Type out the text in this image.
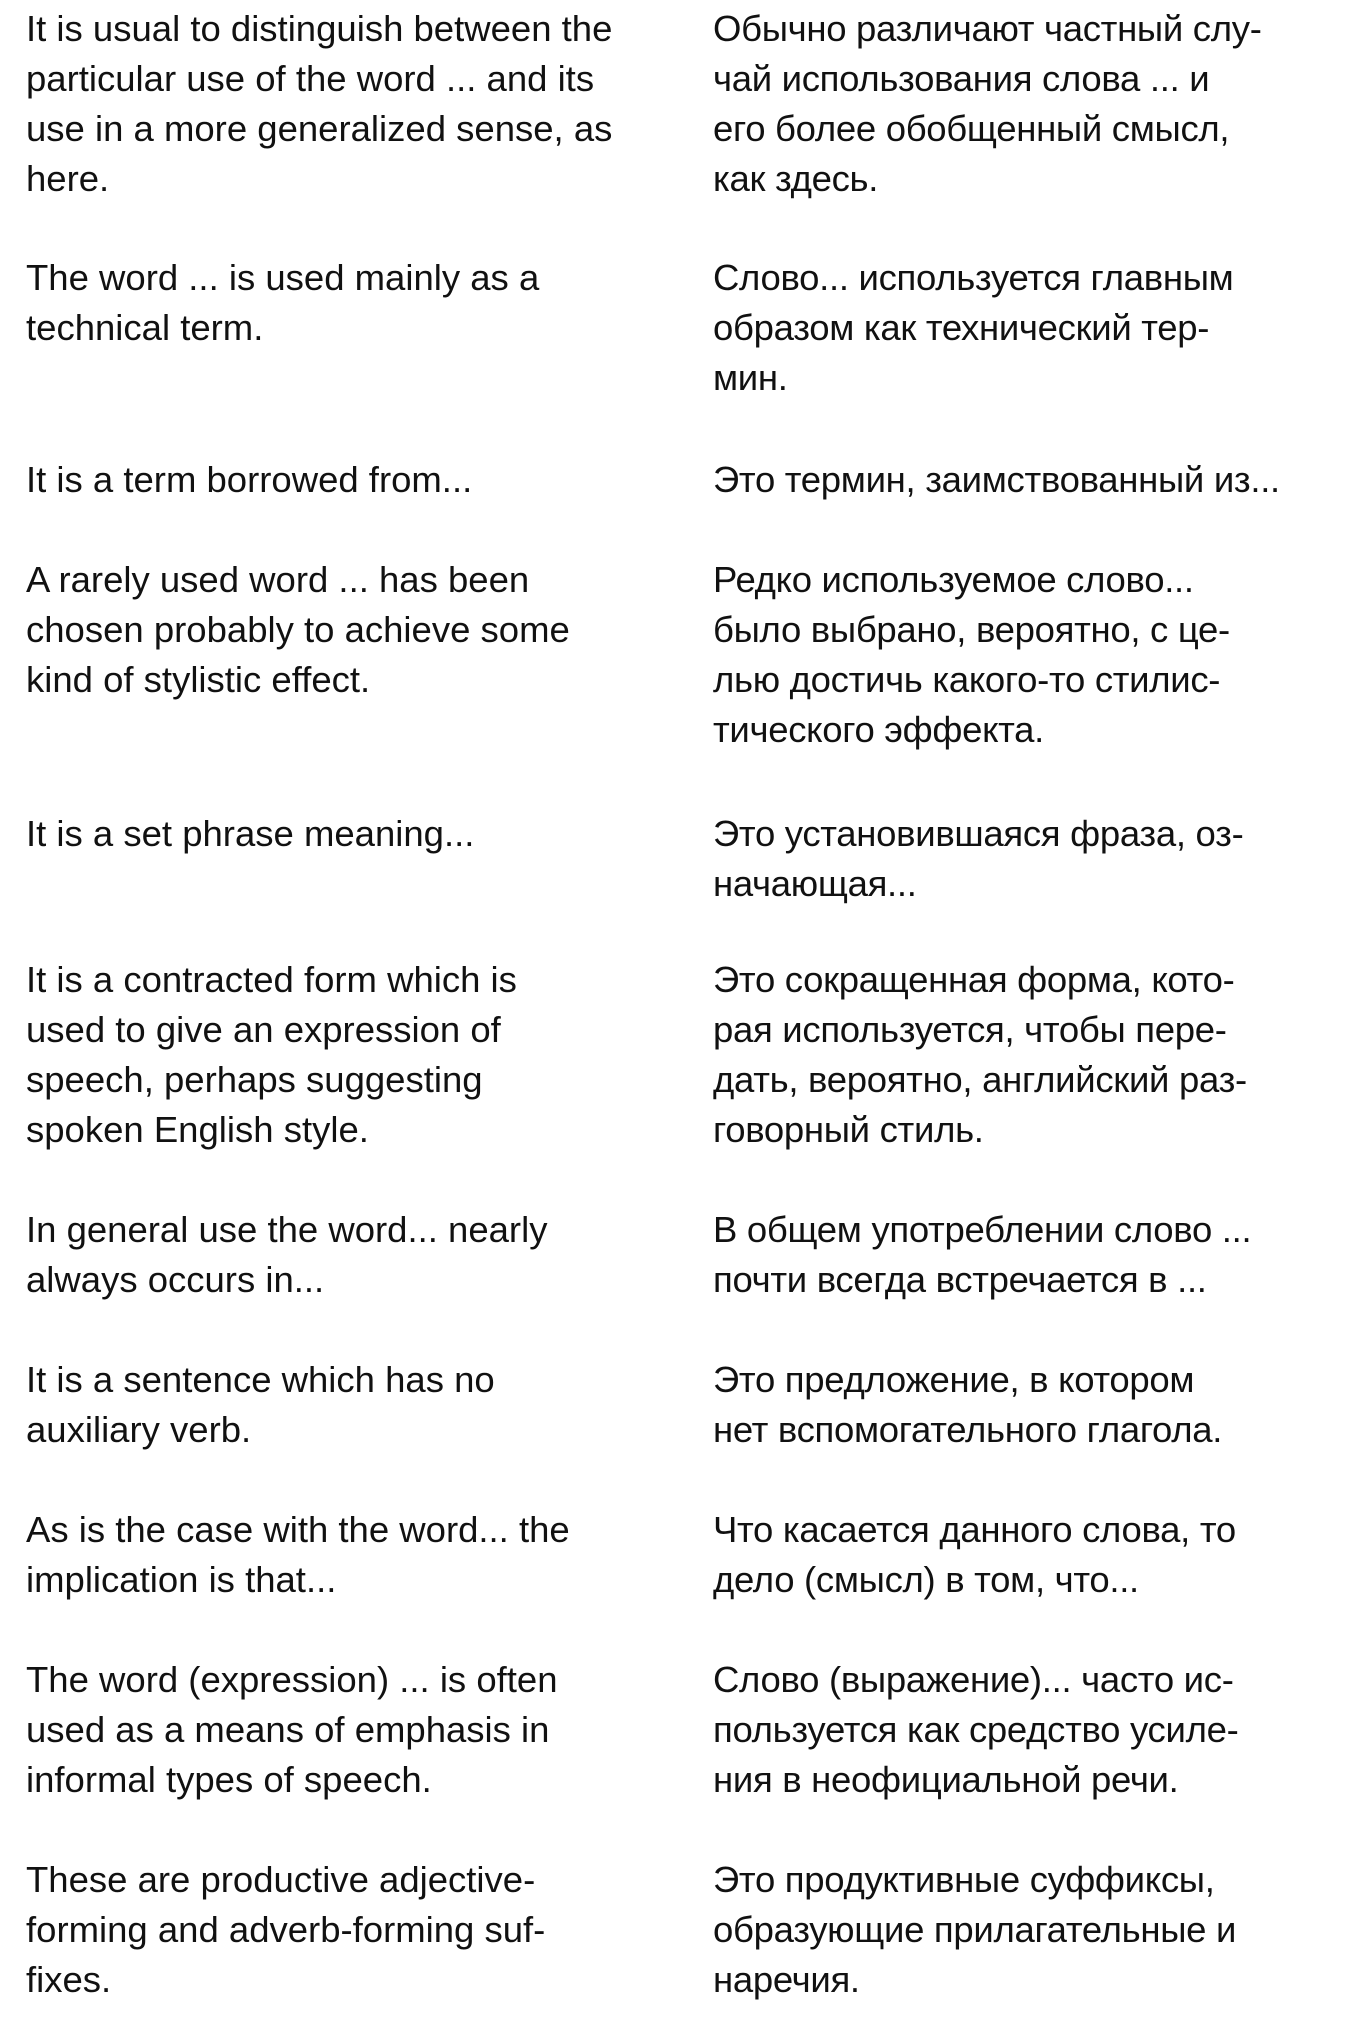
It is usual to distinguish between the
particular use of the word ... and its
use in a more generalized sense, as
here.

Обычно различают частный слу-
чай использования слова ... и
его более обобщенный смысл,
как здесь.

The word ... is used mainly as a
technical term.

Слово... используется главным
образом как технический тер-
мин.

It is a term borrowed from...	Это термин, заимствованный из...

A rarely used word ... has been
chosen probably to achieve some
kind of stylistic effect.

Редко используемое слово...
было выбрано, вероятно, с це-
лью достичь какого-то стилис-
тического эффекта.

It is a set phrase meaning...	Это установившаяся фраза, оз-
начающая...

It is a contracted form which is
used to give an expression of
speech, perhaps suggesting
spoken English style.

Это сокращенная форма, кото-
рая используется, чтобы пере-
дать, вероятно, английский раз-
говорный стиль.

In general use the word... nearly
always occurs in...

В общем употреблении слово ...
почти всегда встречается в ...

It is a sentence which has no
auxiliary verb.

Это предложение, в котором
нет вспомогательного глагола.

As is the case with the word... the
implication is that...

Что касается данного слова, то
дело (смысл) в том, что...

The word (expression) ... is often
used as a means of emphasis in
informal types of speech.

Слово (выражение)... часто ис-
пользуется как средство усиле-
ния в неофициальной речи.

These are productive adjective-
forming and adverb-forming suf-
fixes.

Это продуктивные суффиксы,
образующие прилагательные и
наречия.
